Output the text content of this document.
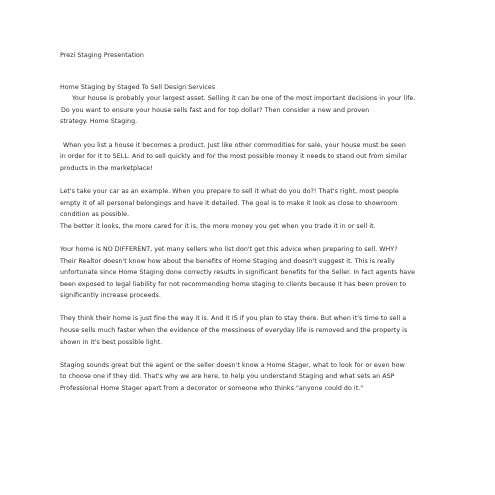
Prezi Staging Presentation
Home Staging by Staged To Sell Design Services
Your house is probably your largest asset. Selling it can be one of the most important decisions in your life.
Do you want to ensure your house sells fast and for top dollar? Then consider a new and proven
strategy. Home Staging.
When you list a house it becomes a product. Just like other commodities for sale, your house must be seen
in order for it to SELL. And to sell quickly and for the most possible money it needs to stand out from similar
products in the marketplace!
Let's take your car as an example. When you prepare to sell it what do you do?! That's right, most people
empty it of all personal belongings and have it detailed. The goal is to make it look as close to showroom
condition as possible.
The better it looks, the more cared for it is, the more money you get when you trade it in or sell it.
Your home is NO DIFFERENT, yet many sellers who list don't get this advice when preparing to sell. WHY?
Their Realtor doesn't know how about the benefits of Home Staging and doesn't suggest it. This is really
unfortunate since Home Staging done correctly results in significant benefits for the Seller. In fact agents have
been exposed to legal liability for not recommending home staging to clients because it has been proven to
significantly increase proceeds.
They think their home is just fine the way it is. And it IS if you plan to stay there. But when it's time to sell a
house sells much faster when the evidence of the messiness of everyday life is removed and the property is
shown in it's best possible light.
Staging sounds great but the agent or the seller doesn't know a Home Stager, what to look for or even how
to choose one if they did. That's why we are here, to help you understand Staging and what sets an ASP
Professional Home Stager apart from a decorator or someone who thinks "anyone could do it."
